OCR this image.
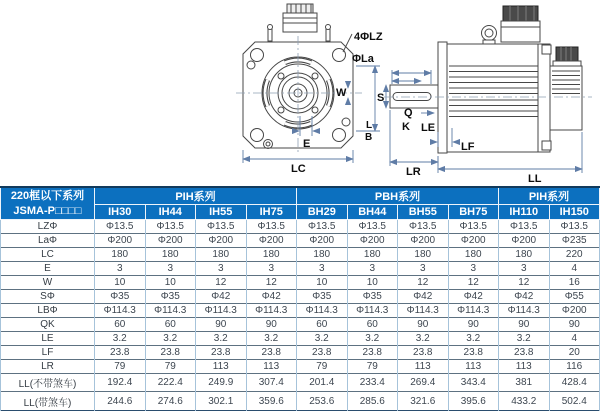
4ΦLZ
ΦLa
L
B
W
E
LC
S
Q
K LE
LF
LR
LL
220框以下系列
JSMA-P□□□□	PIH系列				PBH系列				PIH系列	
	IH30	IH44	IH55	IH75	BH29	BH44	BH55	BH75	IH110	IH150
LZΦ	Φ13.5	Φ13.5	Φ13.5	Φ13.5	Φ13.5	Φ13.5	Φ13.5	Φ13.5	Φ13.5	Φ13.5
LaΦ	Φ200	Φ200	Φ200	Φ200	Φ200	Φ200	Φ200	Φ200	Φ200	Φ235
LC	180	180	180	180	180	180	180	180	180	220
E	3	3	3	3	3	3	3	3	3	4
W	10	10	12	12	10	10	12	12	12	16
SΦ	Φ35	Φ35	Φ42	Φ42	Φ35	Φ35	Φ42	Φ42	Φ42	Φ55
LBΦ	Φ114.3	Φ114.3	Φ114.3	Φ114.3	Φ114.3	Φ114.3	Φ114.3	Φ114.3	Φ114.3	Φ200
QK	60	60	90	90	60	60	90	90	90	90
LE	3.2	3.2	3.2	3.2	3.2	3.2	3.2	3.2	3.2	4
LF	23.8	23.8	23.8	23.8	23.8	23.8	23.8	23.8	23.8	20
LR	79	79	113	113	79	79	113	113	113	116
LL(不带煞车)	192.4	222.4	249.9	307.4	201.4	233.4	269.4	343.4	381	428.4
LL(带煞车)	244.6	274.6	302.1	359.6	253.6	285.6	321.6	395.6	433.2	502.4
